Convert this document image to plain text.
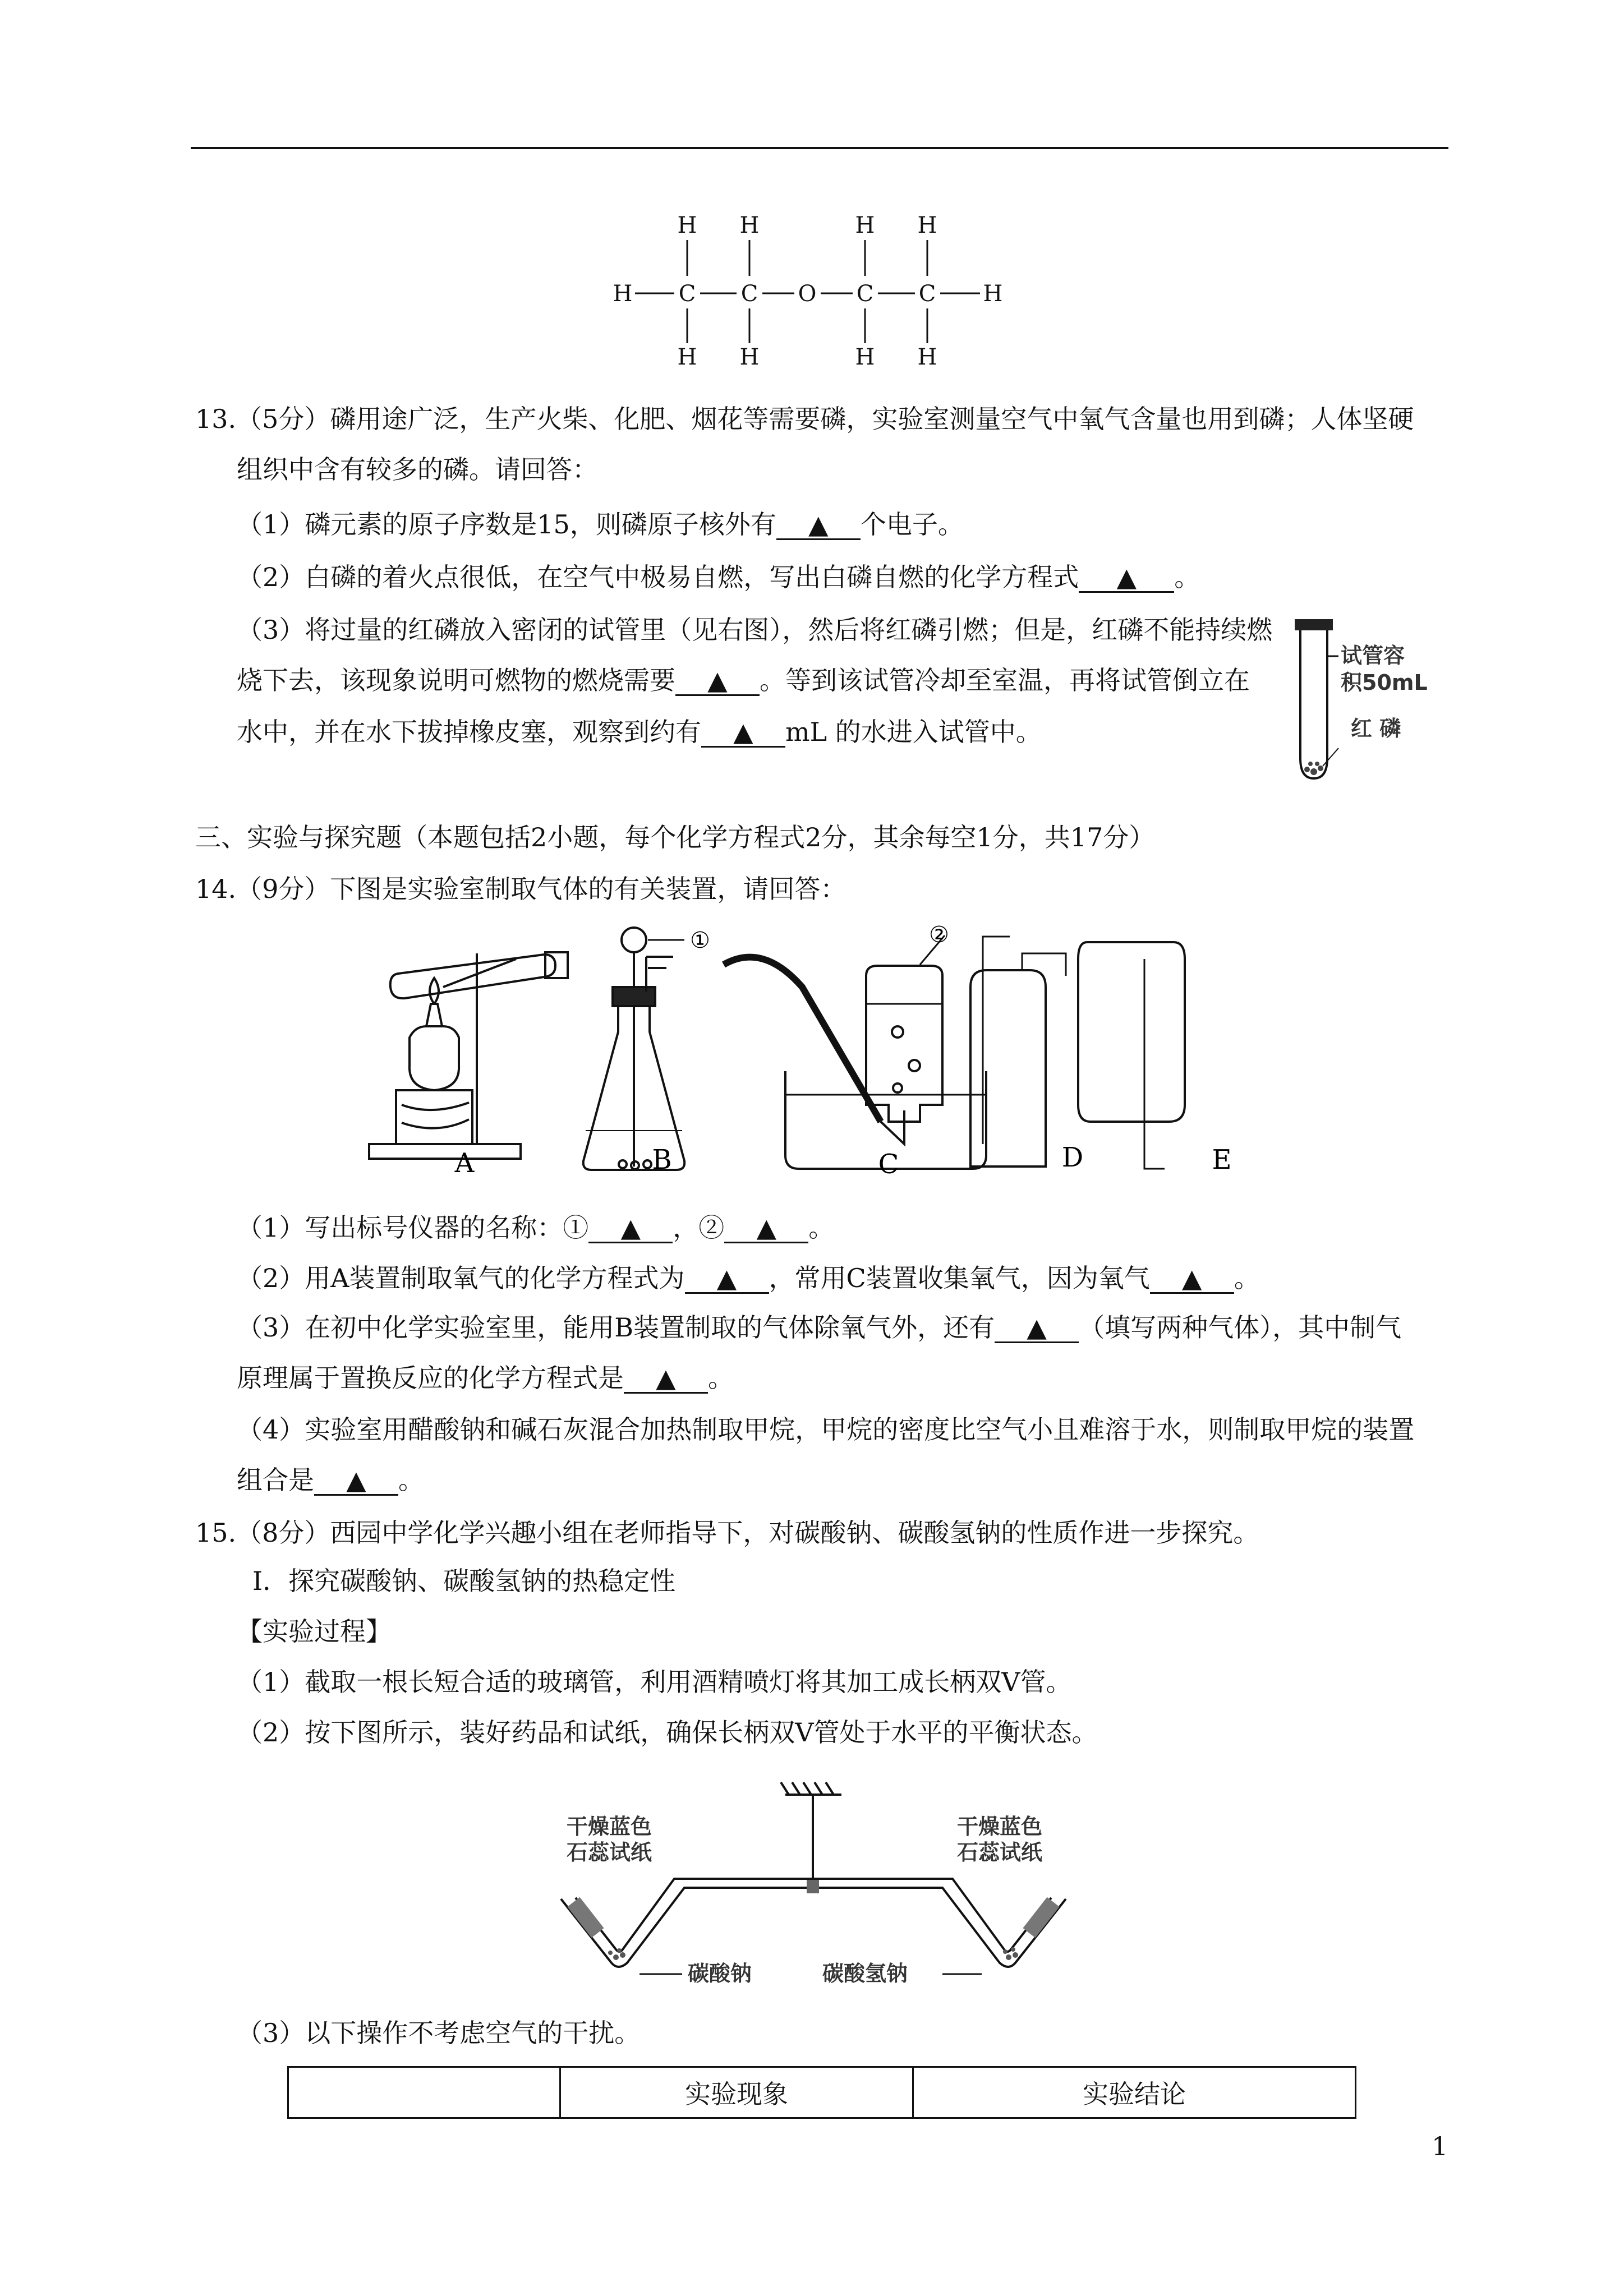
H H	H H
H C C O C C H
H H	H H
13.（5分）磷用途广泛，生产火柴、化肥、烟花等需要磷，实验室测量空气中氧气含量也用到磷；人体坚硬
组织中含有较多的磷。请回答：
（1）磷元素的原子序数是15，则磷原子核外有 ▲ 个电子。
（2）白磷的着火点很低，在空气中极易自燃，写出白磷自燃的化学方程式 ▲ 。
（3）将过量的红磷放入密闭的试管里（见右图），然后将红磷引燃；但是，红磷不能持续燃
烧下去，该现象说明可燃物的燃烧需要 ▲ 。等到该试管冷却至室温，再将试管倒立在
水中，并在水下拔掉橡皮塞，观察到约有 ▲ mL 的水进入试管中。
试管容
积50mL
红 磷
三、实验与探究题（本题包括2小题，每个化学方程式2分，其余每空1分，共17分）
14.（9分）下图是实验室制取气体的有关装置，请回答：
①	②
A	B	C	D	E
（1）写出标号仪器的名称：① ▲ ，② ▲ 。
（2）用A装置制取氧气的化学方程式为 ▲ ，常用C装置收集氧气，因为氧气 ▲ 。
（3）在初中化学实验室里，能用B装置制取的气体除氧气外，还有 ▲ （填写两种气体），其中制气
原理属于置换反应的化学方程式是 ▲ 。
（4）实验室用醋酸钠和碱石灰混合加热制取甲烷，甲烷的密度比空气小且难溶于水，则制取甲烷的装置
组合是 ▲ 。
15.（8分）西园中学化学兴趣小组在老师指导下，对碳酸钠、碳酸氢钠的性质作进一步探究。
Ⅰ．探究碳酸钠、碳酸氢钠的热稳定性
【实验过程】
（1）截取一根长短合适的玻璃管，利用酒精喷灯将其加工成长柄双V管。
（2）按下图所示，装好药品和试纸，确保长柄双V管处于水平的平衡状态。
干燥蓝色
石蕊试纸
干燥蓝色
石蕊试纸
碳酸钠	碳酸氢钠
（3）以下操作不考虑空气的干扰。
实验现象	实验结论
1
